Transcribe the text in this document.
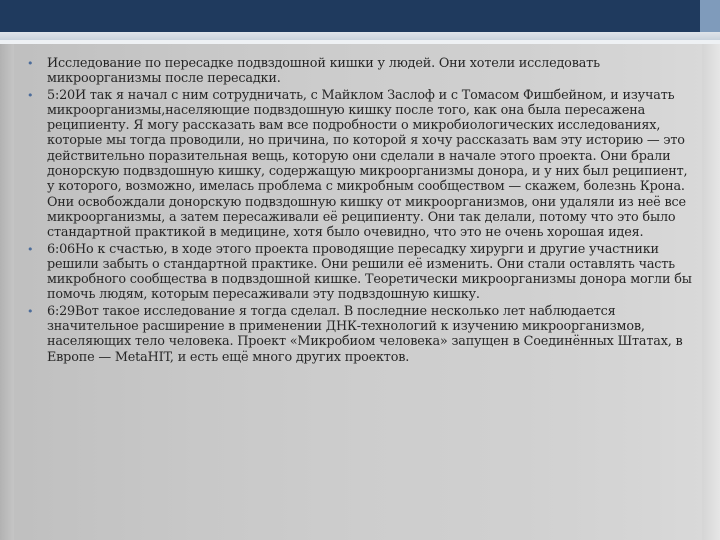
•	Исследование по пересадке подвздошной кишки у людей. Они хотели исследовать микроорганизмы после пересадки.
•	5:20И так я начал с ним сотрудничать, с Майклом Заслоф и с Томасом Фишбейном, и изучать микроорганизмы,населяющие подвздошную кишку после того, как она была пересажена реципиенту. Я могу рассказать вам все подробности о микробиологических исследованиях, которые мы тогда проводили, но причина, по которой я хочу рассказать вам эту историю — это действительно поразительная вещь, которую они сделали в начале этого проекта. Они брали донорскую подвздошную кишку, содержащую микроорганизмы донора, и у них был реципиент, у которого, возможно, имелась проблема с микробным сообществом — скажем, болезнь Крона. Они освобождали донорскую подвздошную кишку от микроорганизмов, они удаляли из неё все микроорганизмы, а затем пересаживали её реципиенту. Они так делали, потому что это было стандартной практикой в медицине, хотя было очевидно, что это не очень хорошая идея.
•	6:06Но к счастью, в ходе этого проекта проводящие пересадку хирурги и другие участники решили забыть о стандартной практике. Они решили её изменить. Они стали оставлять часть микробного сообщества в подвздошной кишке. Теоретически микроорганизмы донора могли бы помочь людям, которым пересаживали эту подвздошную кишку.
•	6:29Вот такое исследование я тогда сделал. В последние несколько лет наблюдается значительное расширение в применении ДНК-технологий к изучению микроорганизмов, населяющих тело человека. Проект «Микробиом человека» запущен в Соединённых Штатах, в Европе — MetaHIT, и есть ещё много других проектов.
